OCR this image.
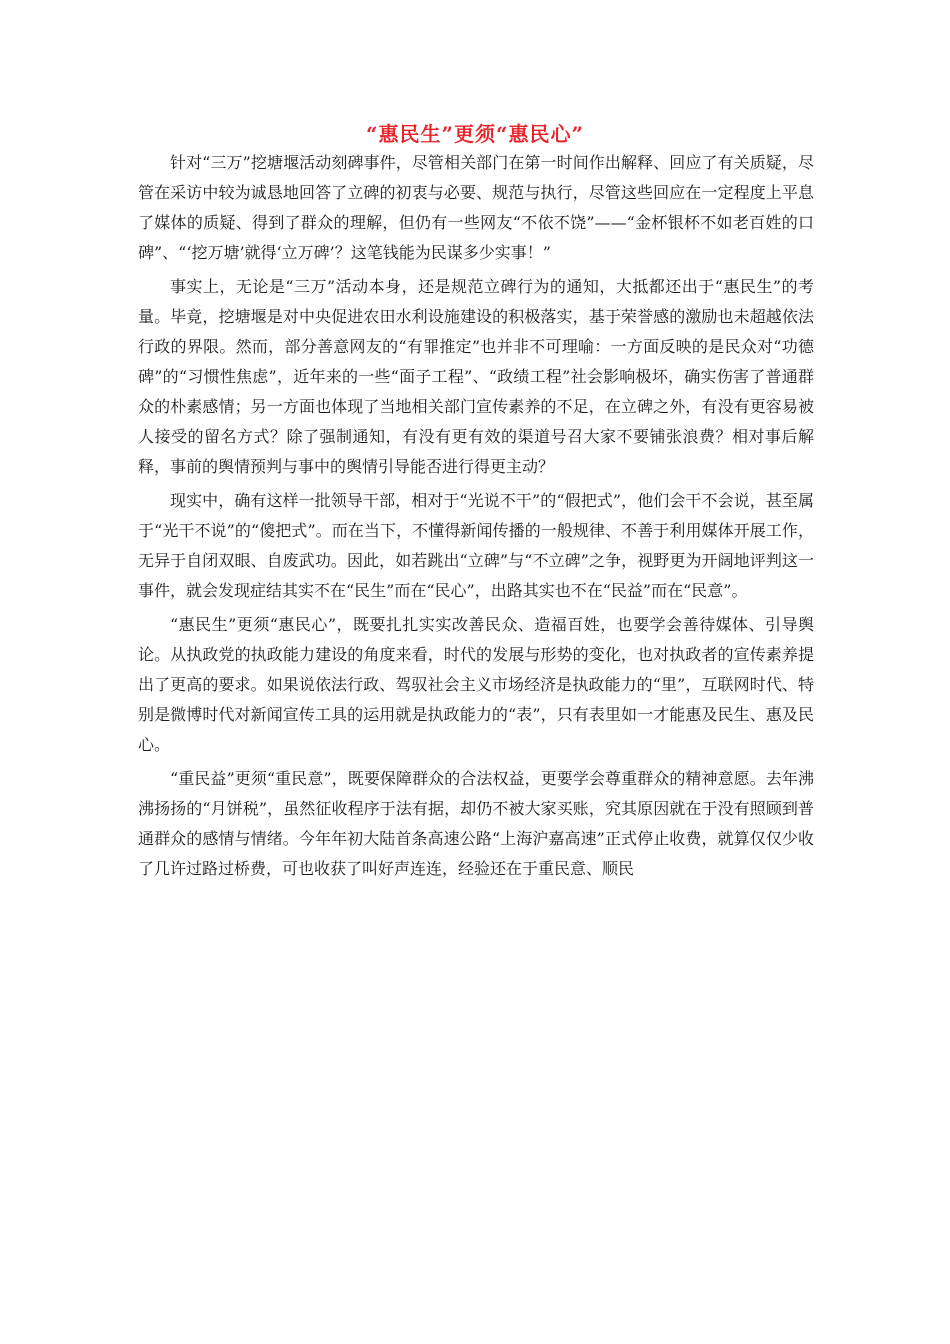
“惠民生”更须“惠民心”

针对“三万”挖塘堰活动刻碑事件，尽管相关部门在第一时间作出解释、回应了有关质疑，尽管在采访中较为诚恳地回答了立碑的初衷与必要、规范与执行，尽管这些回应在一定程度上平息了媒体的质疑、得到了群众的理解，但仍有一些网友“不依不饶”——“金杯银杯不如老百姓的口碑”、“‘挖万塘’就得‘立万碑’？这笔钱能为民谋多少实事！”

事实上，无论是“三万”活动本身，还是规范立碑行为的通知，大抵都还出于“惠民生”的考量。毕竟，挖塘堰是对中央促进农田水利设施建设的积极落实，基于荣誉感的激励也未超越依法行政的界限。然而，部分善意网友的“有罪推定”也并非不可理喻：一方面反映的是民众对“功德碑”的“习惯性焦虑”，近年来的一些“面子工程”、“政绩工程”社会影响极坏，确实伤害了普通群众的朴素感情；另一方面也体现了当地相关部门宣传素养的不足，在立碑之外，有没有更容易被人接受的留名方式？除了强制通知，有没有更有效的渠道号召大家不要铺张浪费？相对事后解释，事前的舆情预判与事中的舆情引导能否进行得更主动？

现实中，确有这样一批领导干部，相对于“光说不干”的“假把式”，他们会干不会说，甚至属于“光干不说”的“傻把式”。而在当下，不懂得新闻传播的一般规律、不善于利用媒体开展工作，无异于自闭双眼、自废武功。因此，如若跳出“立碑”与“不立碑”之争，视野更为开阔地评判这一事件，就会发现症结其实不在“民生”而在“民心”，出路其实也不在“民益”而在“民意”。

“惠民生”更须“惠民心”，既要扎扎实实改善民众、造福百姓，也要学会善待媒体、引导舆论。从执政党的执政能力建设的角度来看，时代的发展与形势的变化，也对执政者的宣传素养提出了更高的要求。如果说依法行政、驾驭社会主义市场经济是执政能力的“里”，互联网时代、特别是微博时代对新闻宣传工具的运用就是执政能力的“表”，只有表里如一才能惠及民生、惠及民心。

“重民益”更须“重民意”，既要保障群众的合法权益，更要学会尊重群众的精神意愿。去年沸沸扬扬的“月饼税”，虽然征收程序于法有据，却仍不被大家买账，究其原因就在于没有照顾到普通群众的感情与情绪。今年年初大陆首条高速公路“上海沪嘉高速”正式停止收费，就算仅仅少收了几许过路过桥费，可也收获了叫好声连连，经验还在于重民意、顺民
